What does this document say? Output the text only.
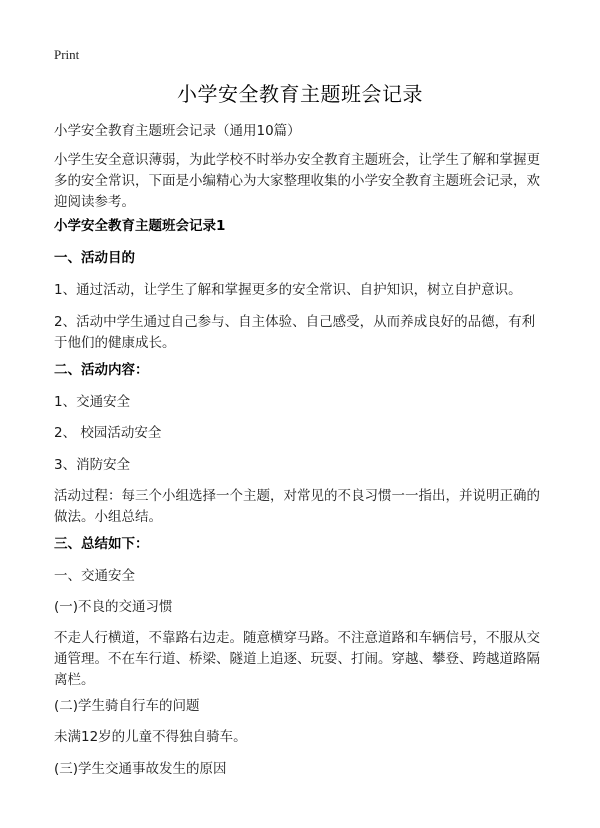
Print
小学安全教育主题班会记录

小学安全教育主题班会记录（通用10篇）

小学生安全意识薄弱，为此学校不时举办安全教育主题班会，让学生了解和掌握更多的安全常识，下面是小编精心为大家整理收集的小学安全教育主题班会记录，欢迎阅读参考。

小学安全教育主题班会记录1

一、活动目的

1、通过活动，让学生了解和掌握更多的安全常识、自护知识，树立自护意识。

2、活动中学生通过自己参与、自主体验、自己感受，从而养成良好的品德，有利于他们的健康成长。

二、活动内容：

1、交通安全

2、 校园活动安全

3、消防安全

活动过程：每三个小组选择一个主题，对常见的不良习惯一一指出，并说明正确的做法。小组总结。

三、总结如下：

一、交通安全

(一)不良的交通习惯

不走人行横道，不靠路右边走。随意横穿马路。不注意道路和车辆信号，不服从交通管理。不在车行道、桥梁、隧道上追逐、玩耍、打闹。穿越、攀登、跨越道路隔离栏。

(二)学生骑自行车的问题

未满12岁的儿童不得独自骑车。

(三)学生交通事故发生的原因
